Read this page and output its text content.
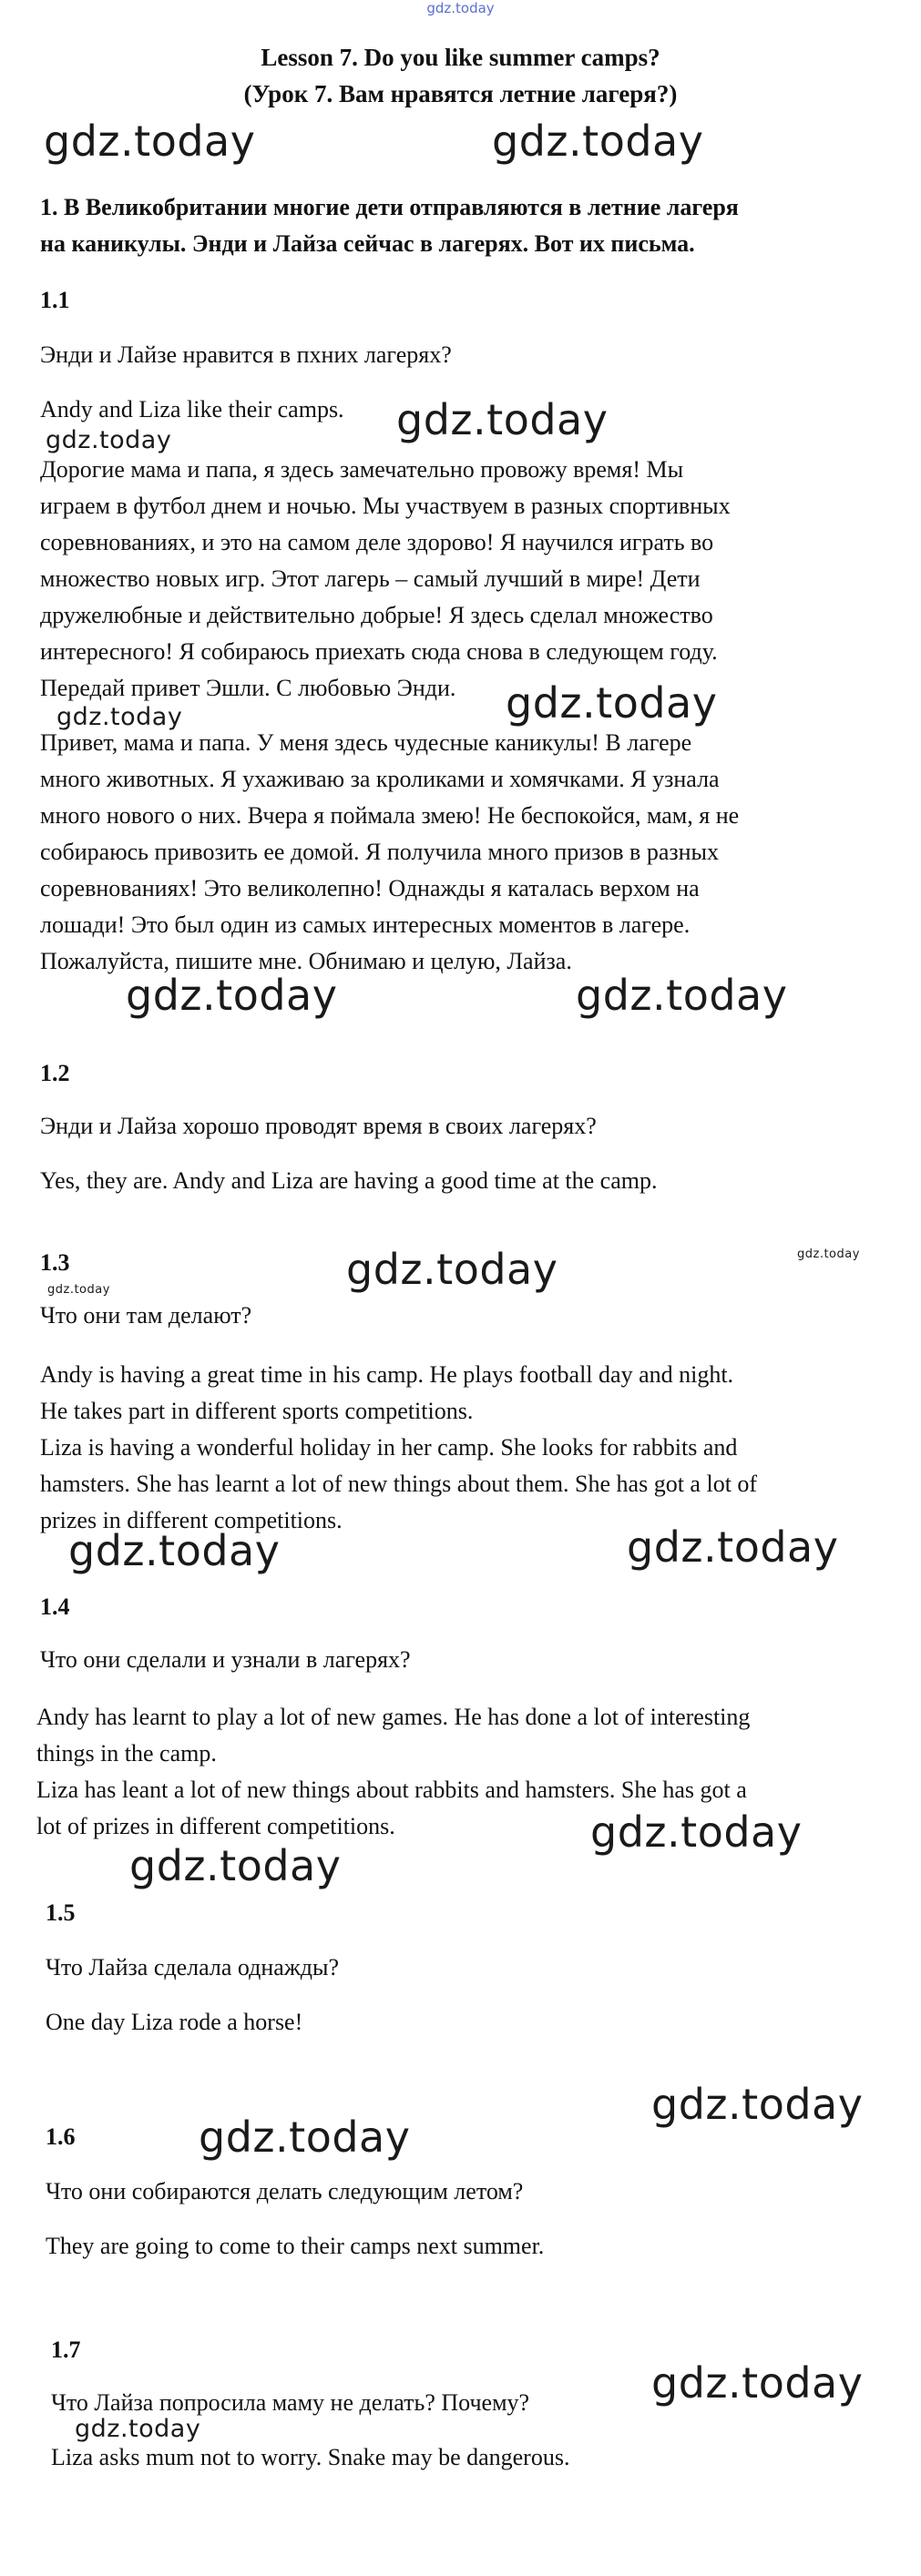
gdz.today
Lesson 7. Do you like summer camps?
(Урок 7. Вам нравятся летние лагеря?)
gdz.today	gdz.today
1. В Великобритании многие дети отправляются в летние лагеря
на каникулы. Энди и Лайза сейчас в лагерях. Вот их письма.
1.1
Энди и Лайзе нравится в пхних лагерях?
Andy and Liza like their camps. gdz.today
gdz.today
Дорогие мама и папа, я здесь замечательно провожу время! Мы
играем в футбол днем и ночью. Мы участвуем в разных спортивных
соревнованиях, и это на самом деле здорово! Я научился играть во
множество новых игр. Этот лагерь – самый лучший в мире! Дети
дружелюбные и действительно добрые! Я здесь сделал множество
интересного! Я собираюсь приехать сюда снова в следующем году.
Передай привет Эшли. С любовью Энди.	gdz.today
gdz.today
Привет, мама и папа. У меня здесь чудесные каникулы! В лагере
много животных. Я ухаживаю за кроликами и хомячками. Я узнала
много нового о них. Вчера я поймала змею! Не беспокойся, мам, я не
собираюсь привозить ее домой. Я получила много призов в разных
соревнованиях! Это великолепно! Однажды я каталась верхом на
лошади! Это был один из самых интересных моментов в лагере.
Пожалуйста, пишите мне. Обнимаю и целую, Лайза.
gdz.today	gdz.today
1.2
Энди и Лайза хорошо проводят время в своих лагерях?
Yes, they are. Andy and Liza are having a good time at the camp.
1.3	gdz.today	gdz.today
gdz.today
Что они там делают?
Andy is having a great time in his camp. He plays football day and night.
He takes part in different sports competitions.
Liza is having a wonderful holiday in her camp. She looks for rabbits and
hamsters. She has learnt a lot of new things about them. She has got a lot of
prizes in different competitions.
gdz.today	gdz.today
1.4
Что они сделали и узнали в лагерях?
Andy has learnt to play a lot of new games. He has done a lot of interesting
things in the camp.
Liza has leant a lot of new things about rabbits and hamsters. She has got a
lot of prizes in different competitions.	gdz.today
gdz.today
1.5
Что Лайза сделала однажды?
One day Liza rode a horse!
gdz.today
1.6	gdz.today
Что они собираются делать следующим летом?
They are going to come to their camps next summer.
1.7
gdz.today
Что Лайза попросила маму не делать? Почему?
gdz.today
Liza asks mum not to worry. Snake may be dangerous.
